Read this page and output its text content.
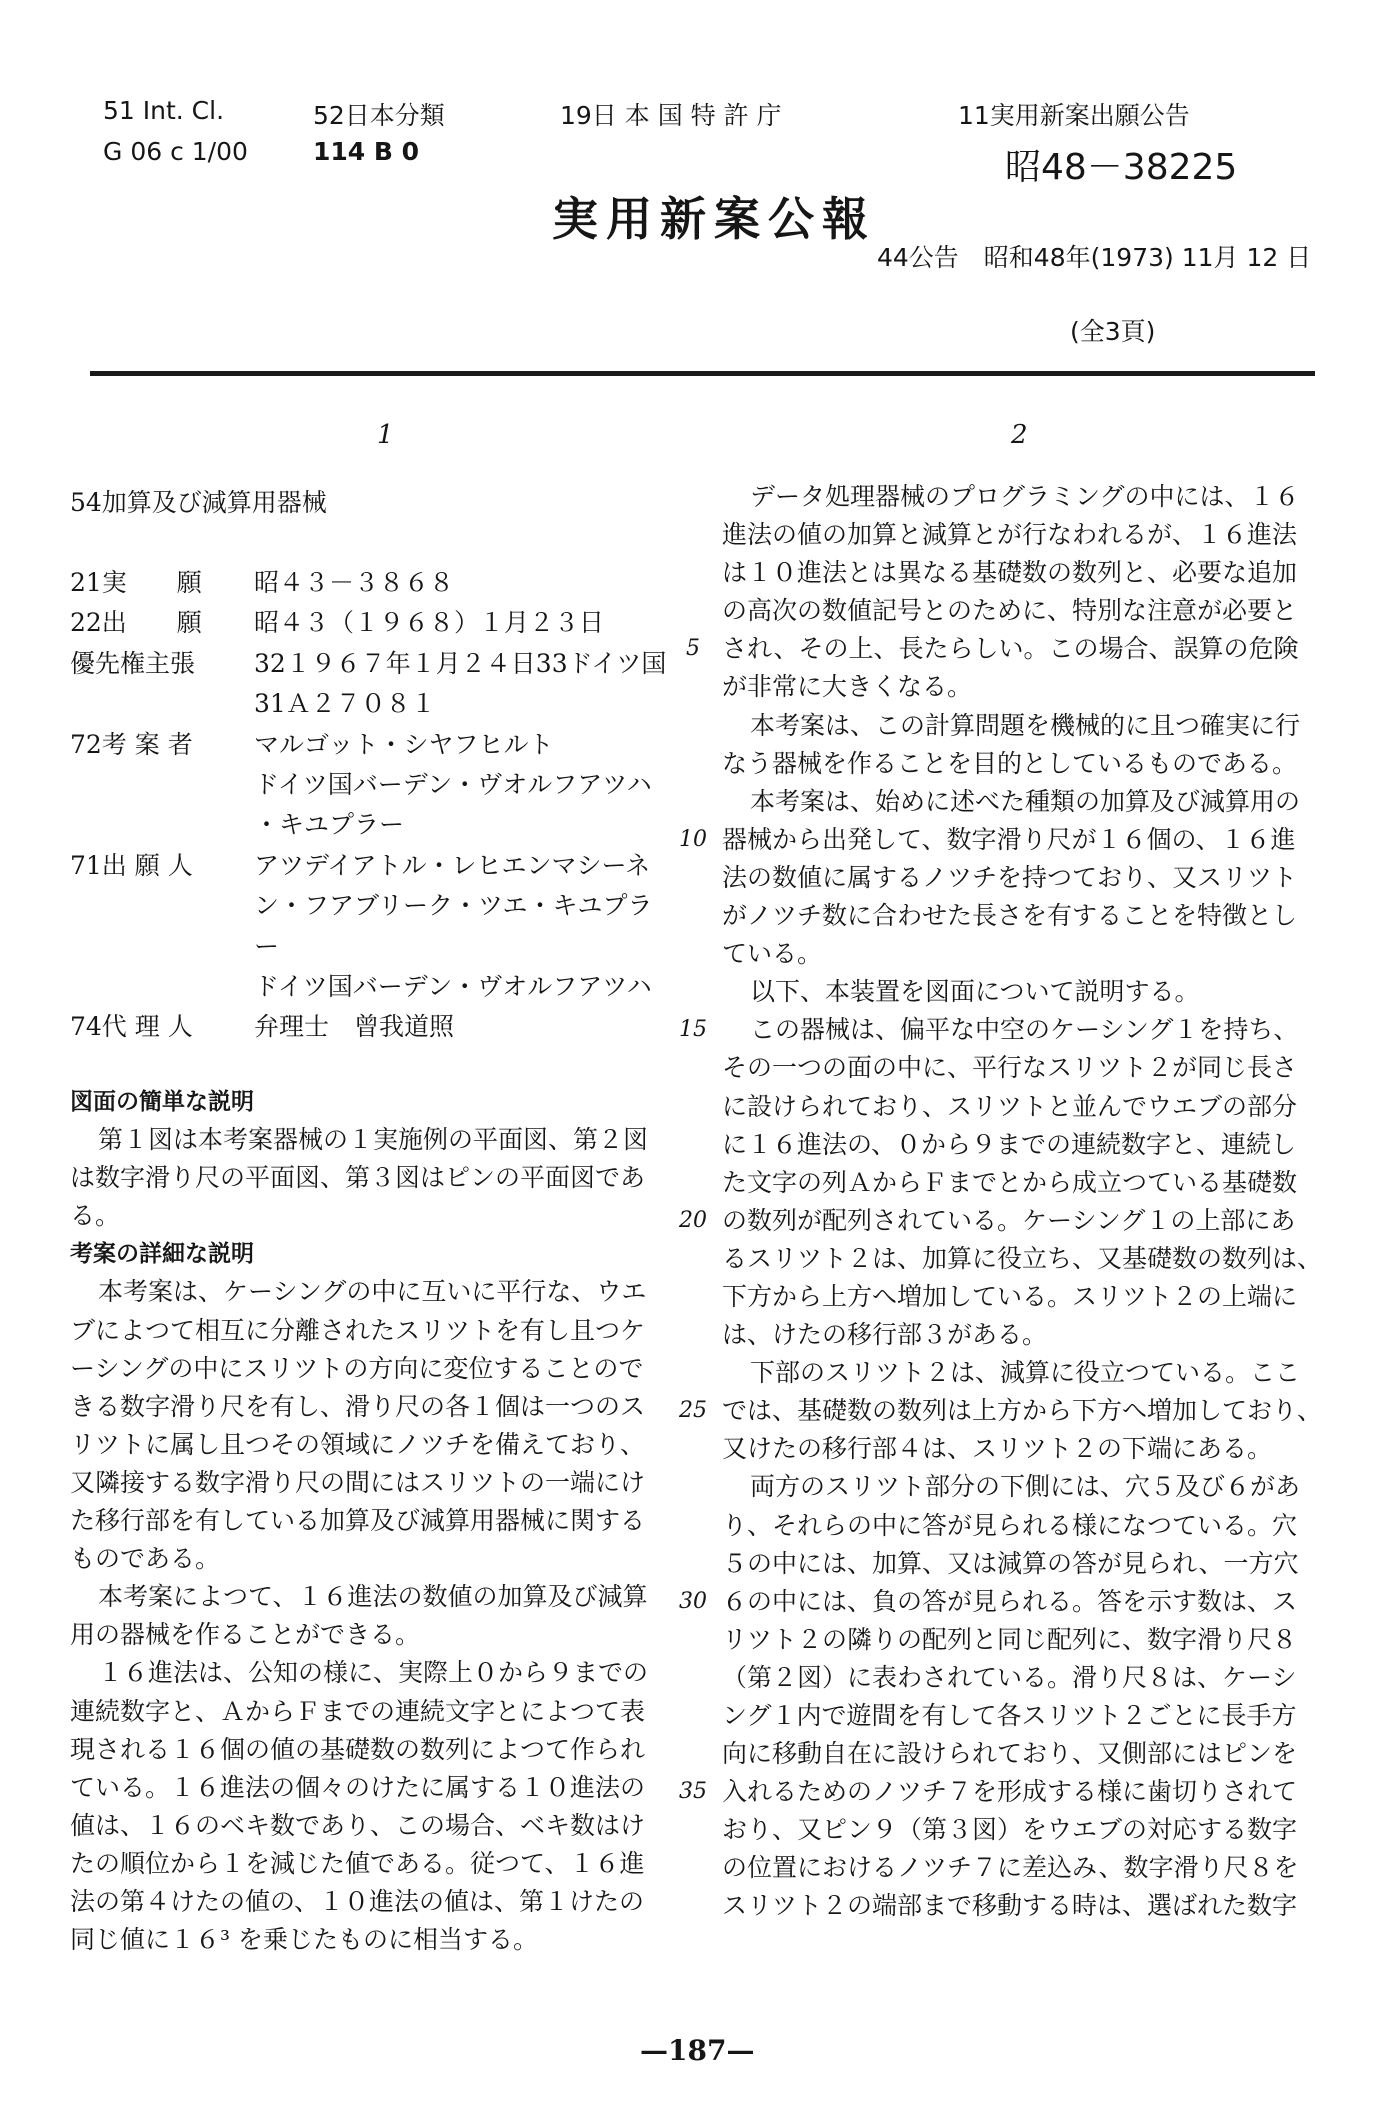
51 Int. Cl.
G 06 c 1/00
52日本分類
114 B 0
19日 本 国 特 許 庁	11実用新案出願公告
昭48－38225
実用新案公報
44公告　昭和48年(1973) 11月 12 日
(全3頁)
1	2
54加算及び減算用器械
21実　　願	昭４３－３８６８
22出　　願	昭４３（１９６８）１月２３日
優先権主張	32１９６７年１月２４日33ドイツ国
31Ａ２７０８１
72考 案 者	マルゴット・シヤフヒルト
ドイツ国バーデン・ヴオルフアツハ
・キユプラー
71出 願 人	アツデイアトル・レヒエンマシーネ
ン・フアブリーク・ツエ・キユプラ
ー
ドイツ国バーデン・ヴオルフアツハ
74代 理 人	弁理士　曾我道照
図面の簡単な説明
第１図は本考案器械の１実施例の平面図、第２図
は数字滑り尺の平面図、第３図はピンの平面図であ
る。
考案の詳細な説明
本考案は、ケーシングの中に互いに平行な、ウエ
ブによつて相互に分離されたスリツトを有し且つケ
ーシングの中にスリツトの方向に変位することので
きる数字滑り尺を有し、滑り尺の各１個は一つのス
リツトに属し且つその領域にノツチを備えており、
又隣接する数字滑り尺の間にはスリツトの一端にけ
た移行部を有している加算及び減算用器械に関する
ものである。
本考案によつて、１６進法の数値の加算及び減算
用の器械を作ることができる。
１６進法は、公知の様に、実際上０から９までの
連続数字と、ＡからＦまでの連続文字とによつて表
現される１６個の値の基礎数の数列によつて作られ
ている。１６進法の個々のけたに属する１０進法の
値は、１６のベキ数であり、この場合、ベキ数はけ
たの順位から１を減じた値である。従つて、１６進
法の第４けたの値の、１０進法の値は、第１けたの
同じ値に１６³ を乗じたものに相当する。
データ処理器械のプログラミングの中には、１６
進法の値の加算と減算とが行なわれるが、１６進法
は１０進法とは異なる基礎数の数列と、必要な追加
の高次の数値記号とのために、特別な注意が必要と
され、その上、長たらしい。この場合、誤算の危険
が非常に大きくなる。
本考案は、この計算問題を機械的に且つ確実に行
なう器械を作ることを目的としているものである。
本考案は、始めに述べた種類の加算及び減算用の
器械から出発して、数字滑り尺が１６個の、１６進
法の数値に属するノツチを持つており、又スリツト
がノツチ数に合わせた長さを有することを特徴とし
ている。
以下、本装置を図面について説明する。
この器械は、偏平な中空のケーシング１を持ち、
その一つの面の中に、平行なスリツト２が同じ長さ
に設けられており、スリツトと並んでウエブの部分
に１６進法の、０から９までの連続数字と、連続し
た文字の列ＡからＦまでとから成立つている基礎数
の数列が配列されている。ケーシング１の上部にあ
るスリツト２は、加算に役立ち、又基礎数の数列は、
下方から上方へ増加している。スリツト２の上端に
は、けたの移行部３がある。
下部のスリツト２は、減算に役立つている。ここ
では、基礎数の数列は上方から下方へ増加しており、
又けたの移行部４は、スリツト２の下端にある。
両方のスリツト部分の下側には、穴５及び６があ
り、それらの中に答が見られる様になつている。穴
５の中には、加算、又は減算の答が見られ、一方穴
６の中には、負の答が見られる。答を示す数は、ス
リツト２の隣りの配列と同じ配列に、数字滑り尺８
（第２図）に表わされている。滑り尺８は、ケーシ
ング１内で遊間を有して各スリツト２ごとに長手方
向に移動自在に設けられており、又側部にはピンを
入れるためのノツチ７を形成する様に歯切りされて
おり、又ピン９（第３図）をウエブの対応する数字
の位置におけるノツチ７に差込み、数字滑り尺８を
スリツト２の端部まで移動する時は、選ばれた数字
5
10
15
20
25
30
35
—187—
